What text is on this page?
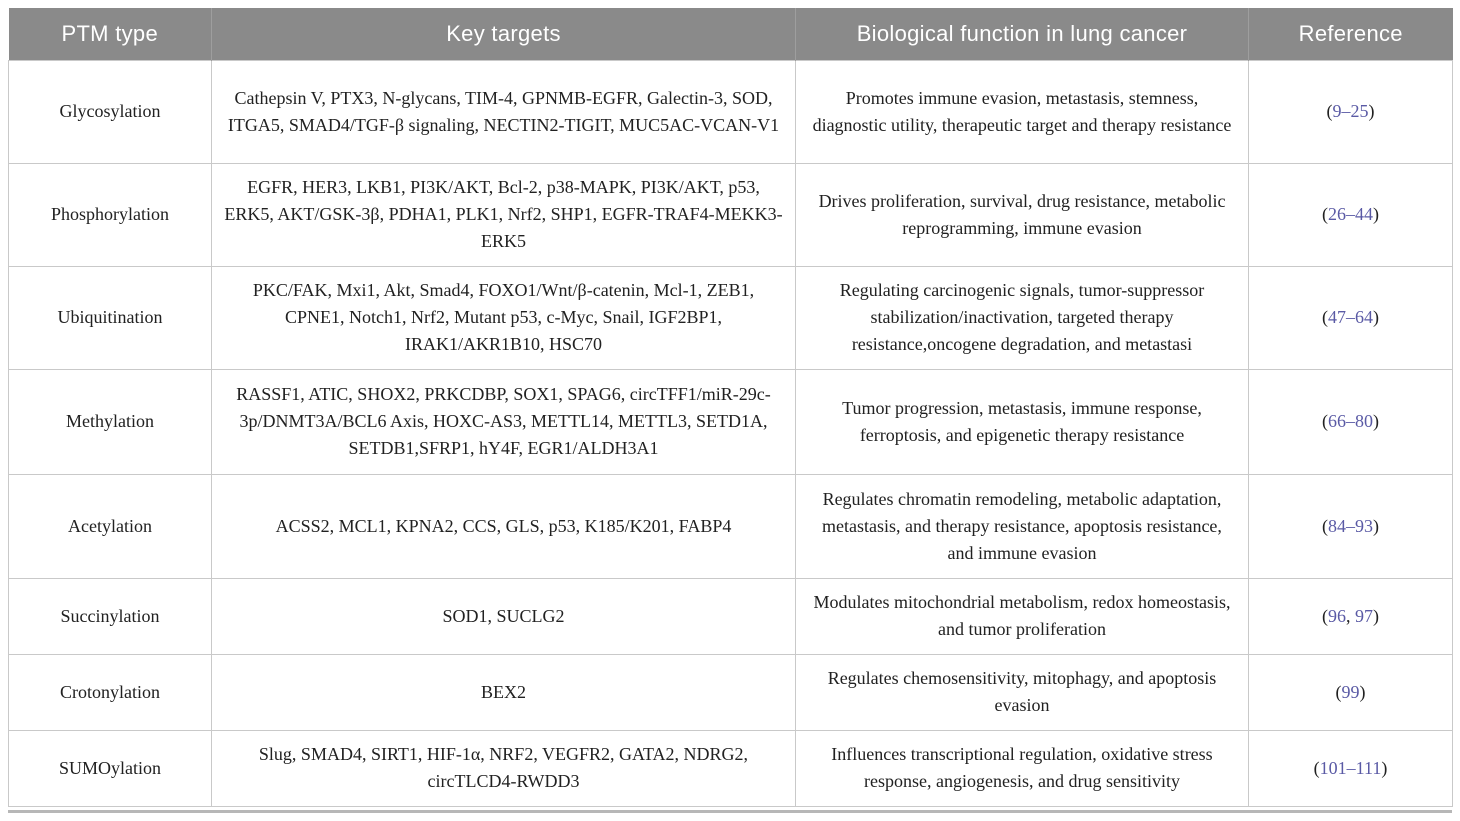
PTM type	Key targets	Biological function in lung cancer	Reference
Glycosylation	Cathepsin V, PTX3, N-glycans, TIM-4, GPNMB-EGFR, Galectin-3, SOD, ITGA5, SMAD4/TGF-β signaling, NECTIN2-TIGIT, MUC5AC-VCAN-V1	Promotes immune evasion, metastasis, stemness, diagnostic utility, therapeutic target and therapy resistance	(9–25)
Phosphorylation	EGFR, HER3, LKB1, PI3K/AKT, Bcl-2, p38-MAPK, PI3K/AKT, p53, ERK5, AKT/GSK-3β, PDHA1, PLK1, Nrf2, SHP1, EGFR-TRAF4-MEKK3-ERK5	Drives proliferation, survival, drug resistance, metabolic reprogramming, immune evasion	(26–44)
Ubiquitination	PKC/FAK, Mxi1, Akt, Smad4, FOXO1/Wnt/β-catenin, Mcl-1, ZEB1, CPNE1, Notch1, Nrf2, Mutant p53, c-Myc, Snail, IGF2BP1, IRAK1/AKR1B10, HSC70	Regulating carcinogenic signals, tumor-suppressor stabilization/inactivation, targeted therapy resistance,oncogene degradation, and metastasi	(47–64)
Methylation	RASSF1, ATIC, SHOX2, PRKCDBP, SOX1, SPAG6, circTFF1/miR-29c-3p/DNMT3A/BCL6 Axis, HOXC-AS3, METTL14, METTL3, SETD1A, SETDB1,SFRP1, hY4F, EGR1/ALDH3A1	Tumor progression, metastasis, immune response, ferroptosis, and epigenetic therapy resistance	(66–80)
Acetylation	ACSS2, MCL1, KPNA2, CCS, GLS, p53, K185/K201, FABP4	Regulates chromatin remodeling, metabolic adaptation, metastasis, and therapy resistance, apoptosis resistance, and immune evasion	(84–93)
Succinylation	SOD1, SUCLG2	Modulates mitochondrial metabolism, redox homeostasis, and tumor proliferation	(96, 97)
Crotonylation	BEX2	Regulates chemosensitivity, mitophagy, and apoptosis evasion	(99)
SUMOylation	Slug, SMAD4, SIRT1, HIF-1α, NRF2, VEGFR2, GATA2, NDRG2, circTLCD4-RWDD3	Influences transcriptional regulation, oxidative stress response, angiogenesis, and drug sensitivity	(101–111)
